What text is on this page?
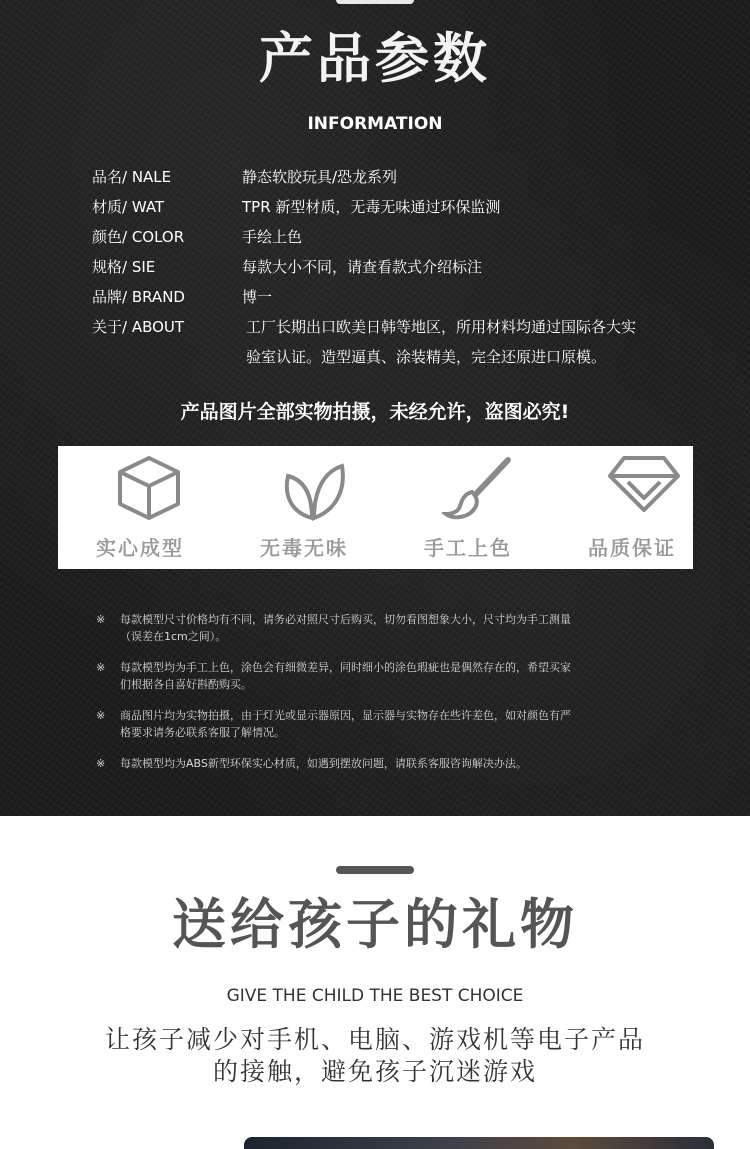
产品参数
INFORMATION
品名/ NALE	静态软胶玩具/恐龙系列
材质/ WAT	TPR 新型材质，无毒无味通过环保监测
颜色/ COLOR	手绘上色
规格/ SIE	每款大小不同，请查看款式介绍标注
品牌/ BRAND	博一
关于/ ABOUT	工厂长期出口欧美日韩等地区，所用材料均通过国际各大实
验室认证。造型逼真、涂装精美，完全还原进口原模。
产品图片全部实物拍摄，未经允许，盗图必究!
实心成型	无毒无味	手工上色	品质保证
※ 每款模型尺寸价格均有不同，请务必对照尺寸后购买，切勿看图想象大小，尺寸均为手工测量
（误差在1cm之间）。
※ 每款模型均为手工上色，涂色会有细微差异，同时细小的涂色瑕疵也是偶然存在的，希望买家
们根据各自喜好斟酌购买。
※ 商品图片均为实物拍摄，由于灯光或显示器原因，显示器与实物存在些许差色，如对颜色有严
格要求请务必联系客服了解情况。
※ 每款模型均为ABS新型环保实心材质，如遇到摆放问题，请联系客服咨询解决办法。
送给孩子的礼物
GIVE THE CHILD THE BEST CHOICE
让孩子减少对手机、电脑、游戏机等电子产品
的接触，避免孩子沉迷游戏
